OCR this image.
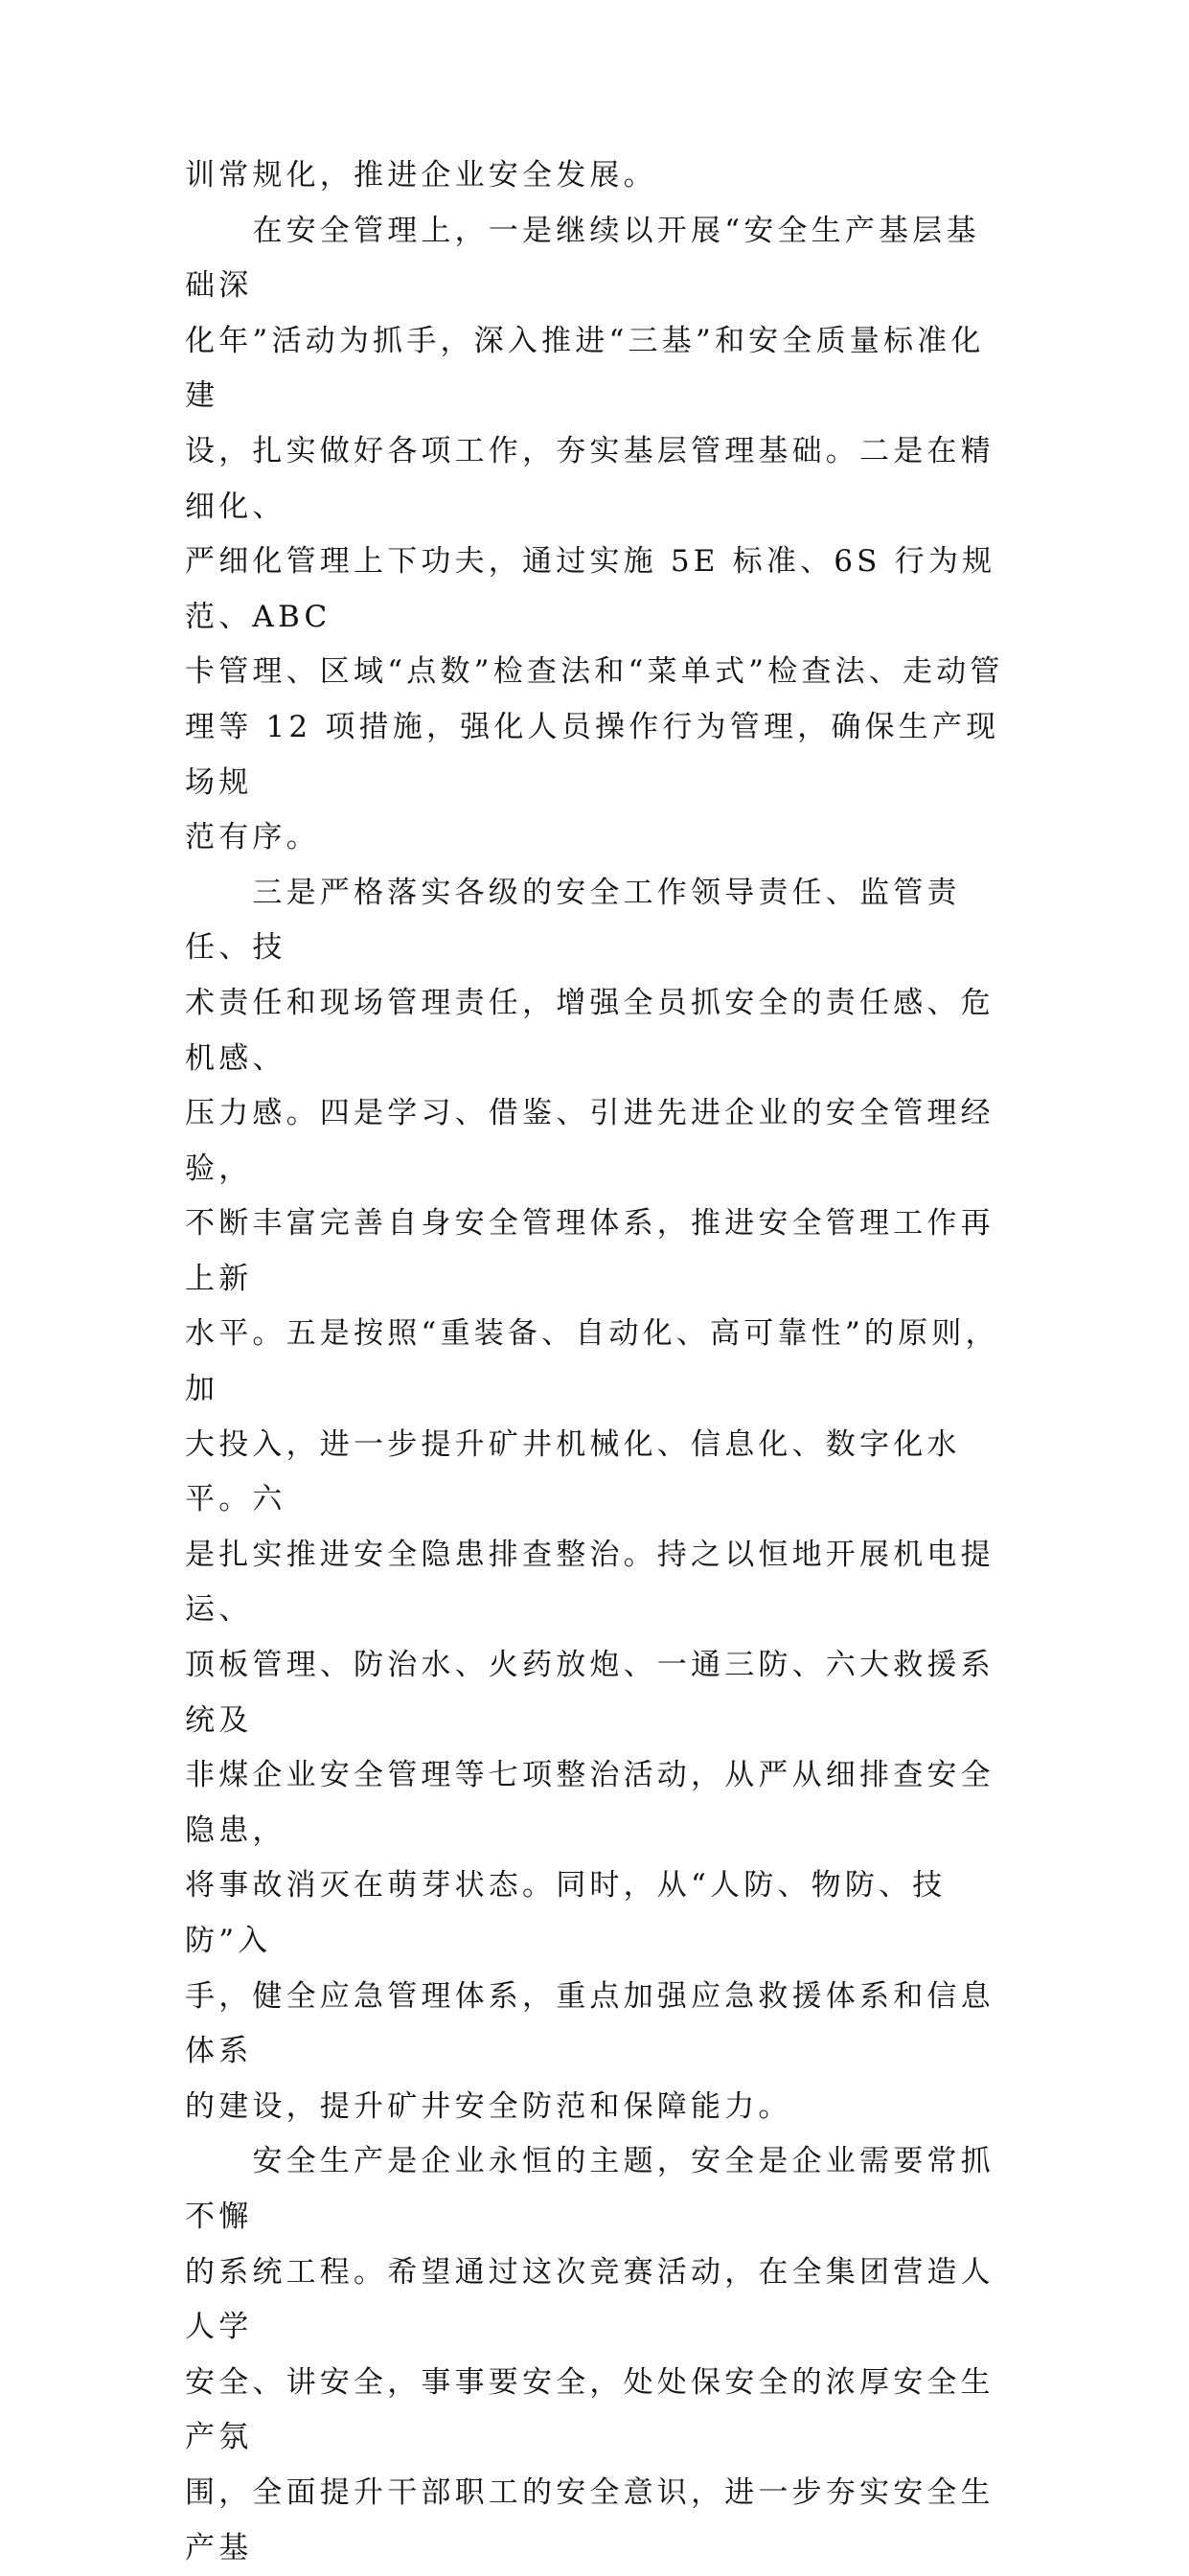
训常规化，推进企业安全发展。

　　在安全管理上，一是继续以开展“安全生产基层基础深
化年”活动为抓手，深入推进“三基”和安全质量标准化建
设，扎实做好各项工作，夯实基层管理基础。二是在精细化、
严细化管理上下功夫，通过实施 5E 标准、6S 行为规范、ABC
卡管理、区域“点数”检查法和“菜单式”检查法、走动管
理等 12 项措施，强化人员操作行为管理，确保生产现场规
范有序。

　　三是严格落实各级的安全工作领导责任、监管责任、技
术责任和现场管理责任，增强全员抓安全的责任感、危机感、
压力感。四是学习、借鉴、引进先进企业的安全管理经验，
不断丰富完善自身安全管理体系，推进安全管理工作再上新
水平。五是按照“重装备、自动化、高可靠性”的原则，加
大投入，进一步提升矿井机械化、信息化、数字化水平。六
是扎实推进安全隐患排查整治。持之以恒地开展机电提运、
顶板管理、防治水、火药放炮、一通三防、六大救援系统及
非煤企业安全管理等七项整治活动，从严从细排查安全隐患，
将事故消灭在萌芽状态。同时，从“人防、物防、技防”入
手，健全应急管理体系，重点加强应急救援体系和信息体系
的建设，提升矿井安全防范和保障能力。

　　安全生产是企业永恒的主题，安全是企业需要常抓不懈
的系统工程。希望通过这次竞赛活动，在全集团营造人人学
安全、讲安全，事事要安全，处处保安全的浓厚安全生产氛
围，全面提升干部职工的安全意识，进一步夯实安全生产基
